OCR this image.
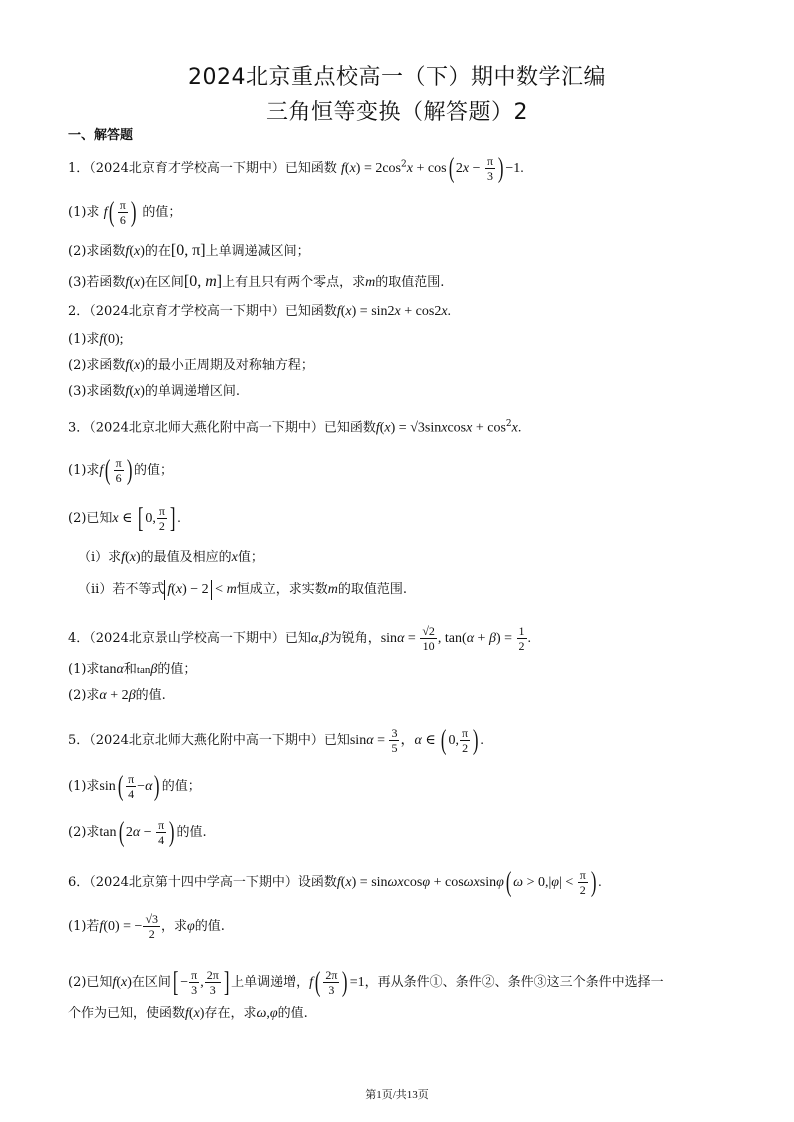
2024北京重点校高一（下）期中数学汇编
三角恒等变换（解答题）2
一、解答题
1．（2024北京育才学校高一下期中）已知函数 $f(x) = 2\cos^2x + \cos$( $2x - \frac{\pi}{3}$ ) −1.
(1)求 $f( \frac{\pi}{6}$ ) 的值；
(2)求函数f(x)的在[0, π]上单调递减区间；
(3)若函数f(x)在区间[0, m]上有且只有两个零点，求m的取值范围.
2．（2024北京育才学校高一下期中）已知函数f(x) = sin2x + cos2x.
(1)求f(0);
(2)求函数f(x)的最小正周期及对称轴方程；
(3)求函数f(x)的单调递增区间.
3．（2024北京北师大燕化附中高一下期中）已知函数f(x) = √3sinxcosx + $\cos^2x$.
(1)求$f( \frac{\pi}{6}$ ) 的值；
(2)已知x ∈ [ 0, $\frac{\pi}{2}$ ] .
（i）求f(x)的最值及相应的x值；
（ii）若不等式 f(x) − 2 < m恒成立，求实数m的取值范围.
4．（2024北京景山学校高一下期中）已知α,β为锐角，$\sin\alpha = \frac{√2}{10}$ , $\tan(\alpha + \beta) = \frac{1}{2}$ .
(1)求tanα和tanβ的值；
(2)求α + 2β的值.
5．（2024北京北师大燕化附中高一下期中）已知$\sin\alpha = \frac{3}{5}$ ，α ∈ ( 0, $\frac{\pi}{2}$ ) .
(1)求$\sin( \frac{\pi}{4} -\alpha)$ 的值；
(2)求tan( $2\alpha - \frac{\pi}{4}$ ) 的值.
6．（2024北京第十四中学高一下期中）设函数f(x) = sinωxcosφ + cosωxsinφ( $\omega > 0,|\varphi| < \frac{\pi}{2}$ ) .
(1)若f(0) = − $\frac{√3}{2}$ ，求φ的值.
(2)已知f(x)在区间[ − $\frac{\pi}{3}$ , $\frac{2\pi}{3}$ ] 上单调递增，$f( \frac{2\pi}{3}$ ) =1，再从条件①、条件②、条件③这三个条件中选择一
个作为已知，使函数f(x)存在，求ω,φ的值.
第1页/共13页
